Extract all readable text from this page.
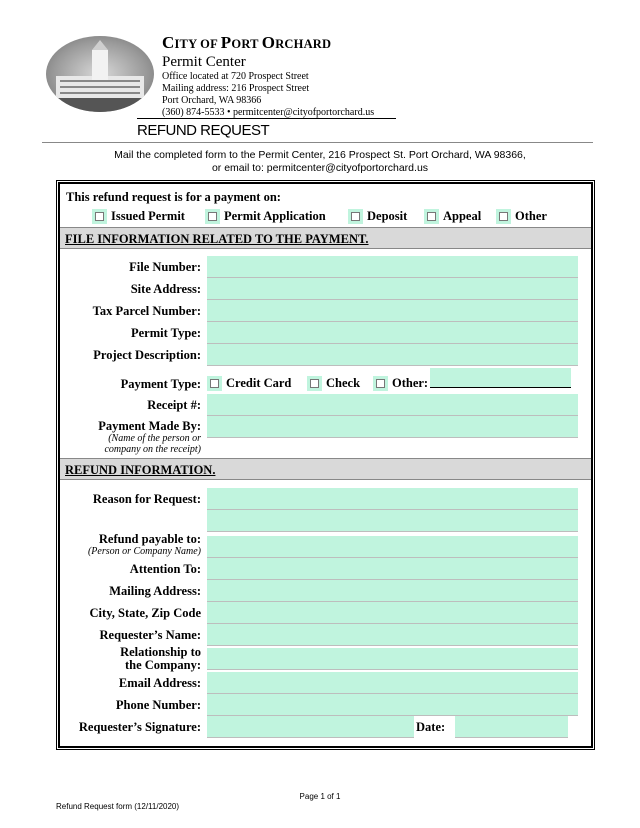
CITY OF PORT ORCHARD
Permit Center
Office located at 720 Prospect Street
Mailing address: 216 Prospect Street
Port Orchard, WA 98366
(360) 874-5533 • permitcenter@cityofportorchard.us
REFUND REQUEST
Mail the completed form to the Permit Center, 216 Prospect St. Port Orchard, WA 98366,
or email to: permitcenter@cityofportorchard.us
This refund request is for a payment on:
Issued Permit	Permit Application	Deposit	Appeal	Other
FILE INFORMATION RELATED TO THE PAYMENT.
File Number:
Site Address:
Tax Parcel Number:
Permit Type:
Project Description:
Payment Type: Credit Card	Check	Other:
Receipt #:
Payment Made By:
(Name of the person or
company on the receipt)
REFUND INFORMATION.
Reason for Request:
Refund payable to:
(Person or Company Name)
Attention To:
Mailing Address:
City, State, Zip Code
Requester’s Name:
Relationship to
the Company:
Email Address:
Phone Number:
Requester’s Signature:	Date:
Page 1 of 1
Refund Request form (12/11/2020)
